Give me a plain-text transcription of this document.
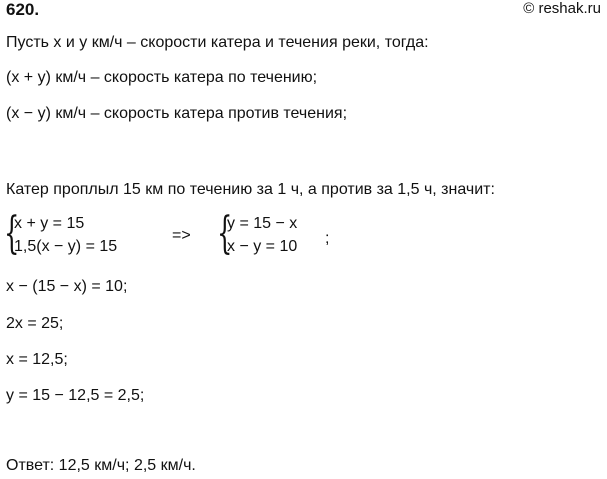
620.	© reshak.ru
Пусть x и y км/ч – скорости катера и течения реки, тогда:
(x + y) км/ч – скорость катера по течению;
(x − y) км/ч – скорость катера против течения;
Катер проплыл 15 км по течению за 1 ч, а против за 1,5 ч, значит:
{
x + y = 15
1,5(x − y) = 15
=> {
y = 15 − x
x − y = 10 ;
x − (15 − x) = 10;
2x = 25;
x = 12,5;
y = 15 − 12,5 = 2,5;
Ответ: 12,5 км/ч; 2,5 км/ч.
